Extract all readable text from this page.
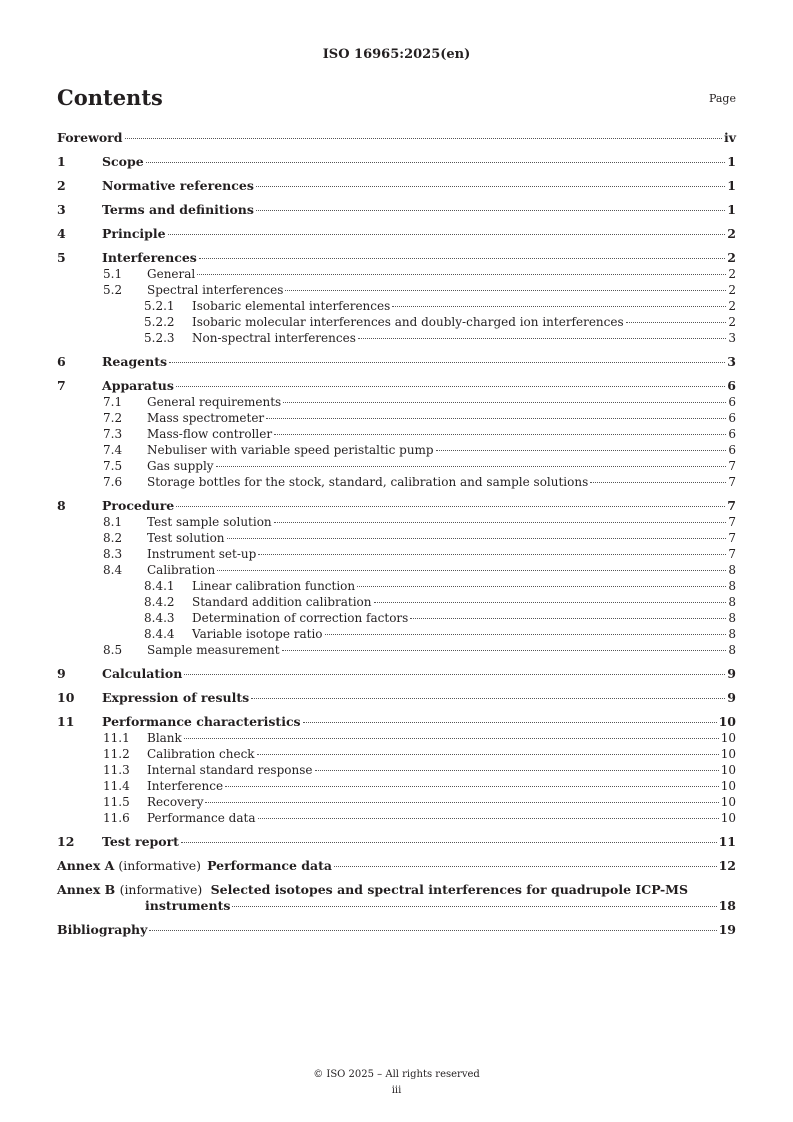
ISO 16965:2025(en)
Contents	Page
Foreword	iv
1	Scope	1
2	Normative references	1
3	Terms and definitions	1
4	Principle	2
5	Interferences	2
5.1	General	2
5.2	Spectral interferences	2
5.2.1	Isobaric elemental interferences	2
5.2.2	Isobaric molecular interferences and doubly-charged ion interferences	2
5.2.3	Non-spectral interferences	3
6	Reagents	3
7	Apparatus	6
7.1	General requirements	6
7.2	Mass spectrometer	6
7.3	Mass-flow controller	6
7.4	Nebuliser with variable speed peristaltic pump	6
7.5	Gas supply	7
7.6	Storage bottles for the stock, standard, calibration and sample solutions	7
8	Procedure	7
8.1	Test sample solution	7
8.2	Test solution	7
8.3	Instrument set-up	7
8.4	Calibration	8
8.4.1	Linear calibration function	8
8.4.2	Standard addition calibration	8
8.4.3	Determination of correction factors	8
8.4.4	Variable isotope ratio	8
8.5	Sample measurement	8
9	Calculation	9
10	Expression of results	9
11	Performance characteristics	10
11.1	Blank	10
11.2	Calibration check	10
11.3	Internal standard response	10
11.4	Interference	10
11.5	Recovery	10
11.6	Performance data	10
12	Test report	11
Annex A (informative) Performance data	12
Annex B (informative) Selected isotopes and spectral interferences for quadrupole ICP-MS
instruments	18
Bibliography	19
© ISO 2025 – All rights reserved
iii
